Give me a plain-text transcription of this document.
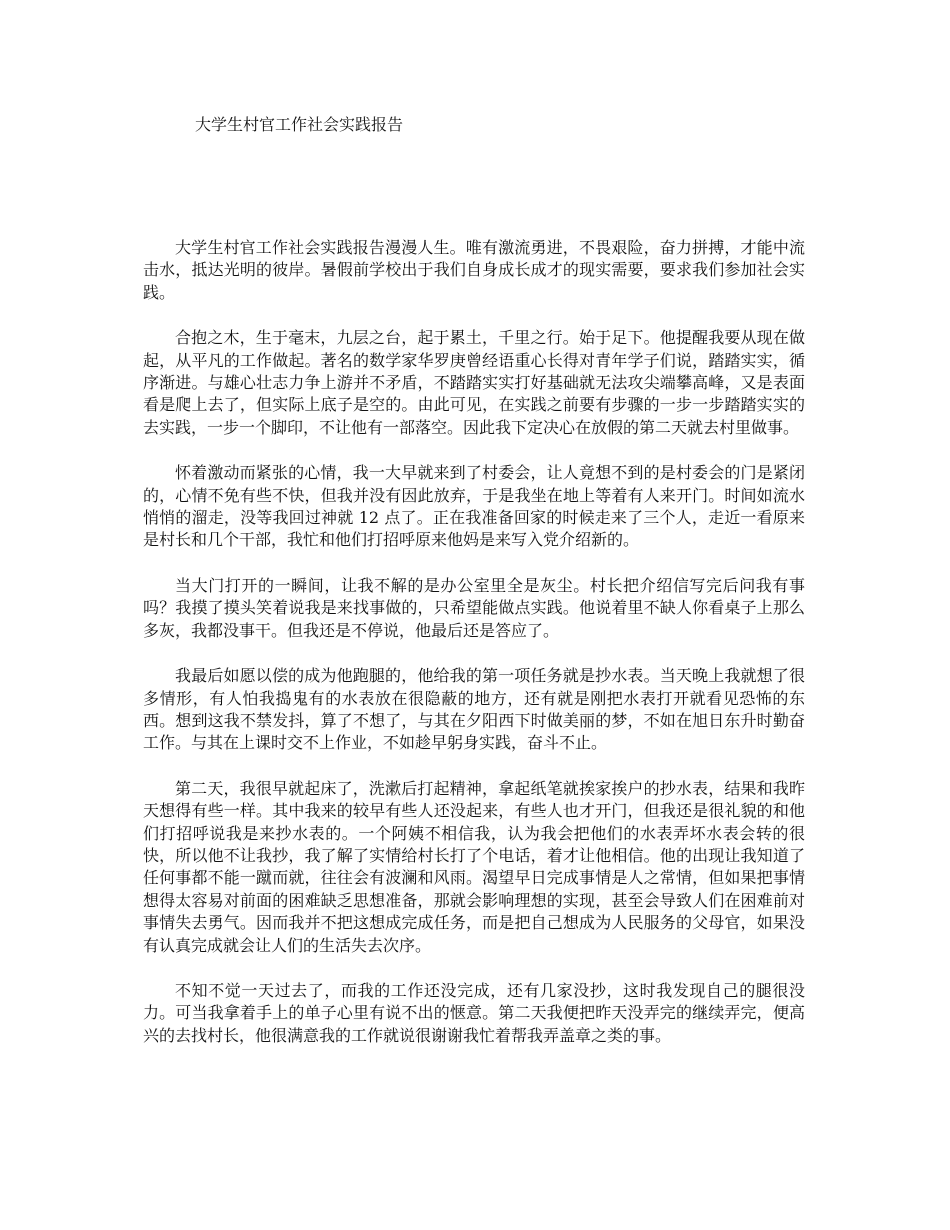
大学生村官工作社会实践报告

大学生村官工作社会实践报告漫漫人生。唯有激流勇进，不畏艰险，奋力拼搏，才能中流击水，抵达光明的彼岸。暑假前学校出于我们自身成长成才的现实需要，要求我们参加社会实践。

合抱之木，生于毫末，九层之台，起于累土，千里之行。始于足下。他提醒我要从现在做起，从平凡的工作做起。著名的数学家华罗庚曾经语重心长得对青年学子们说，踏踏实实，循序渐进。与雄心壮志力争上游并不矛盾，不踏踏实实打好基础就无法攻尖端攀高峰，又是表面看是爬上去了，但实际上底子是空的。由此可见，在实践之前要有步骤的一步一步踏踏实实的去实践，一步一个脚印，不让他有一部落空。因此我下定决心在放假的第二天就去村里做事。

怀着激动而紧张的心情，我一大早就来到了村委会，让人竟想不到的是村委会的门是紧闭的，心情不免有些不快，但我并没有因此放弃，于是我坐在地上等着有人来开门。时间如流水悄悄的溜走，没等我回过神就 12 点了。正在我准备回家的时候走来了三个人，走近一看原来是村长和几个干部，我忙和他们打招呼原来他妈是来写入党介绍新的。

当大门打开的一瞬间，让我不解的是办公室里全是灰尘。村长把介绍信写完后问我有事吗？我摸了摸头笑着说我是来找事做的，只希望能做点实践。他说着里不缺人你看桌子上那么多灰，我都没事干。但我还是不停说，他最后还是答应了。

我最后如愿以偿的成为他跑腿的，他给我的第一项任务就是抄水表。当天晚上我就想了很多情形，有人怕我捣鬼有的水表放在很隐蔽的地方，还有就是刚把水表打开就看见恐怖的东西。想到这我不禁发抖，算了不想了，与其在夕阳西下时做美丽的梦，不如在旭日东升时勤奋工作。与其在上课时交不上作业，不如趁早躬身实践，奋斗不止。

第二天，我很早就起床了，洗漱后打起精神，拿起纸笔就挨家挨户的抄水表，结果和我昨天想得有些一样。其中我来的较早有些人还没起来，有些人也才开门，但我还是很礼貌的和他们打招呼说我是来抄水表的。一个阿姨不相信我，认为我会把他们的水表弄坏水表会转的很快，所以他不让我抄，我了解了实情给村长打了个电话，着才让他相信。他的出现让我知道了任何事都不能一蹴而就，往往会有波澜和风雨。渴望早日完成事情是人之常情，但如果把事情想得太容易对前面的困难缺乏思想准备，那就会影响理想的实现，甚至会导致人们在困难前对事情失去勇气。因而我并不把这想成完成任务，而是把自己想成为人民服务的父母官，如果没有认真完成就会让人们的生活失去次序。

不知不觉一天过去了，而我的工作还没完成，还有几家没抄，这时我发现自己的腿很没力。可当我拿着手上的单子心里有说不出的惬意。第二天我便把昨天没弄完的继续弄完，便高兴的去找村长，他很满意我的工作就说很谢谢我忙着帮我弄盖章之类的事。
